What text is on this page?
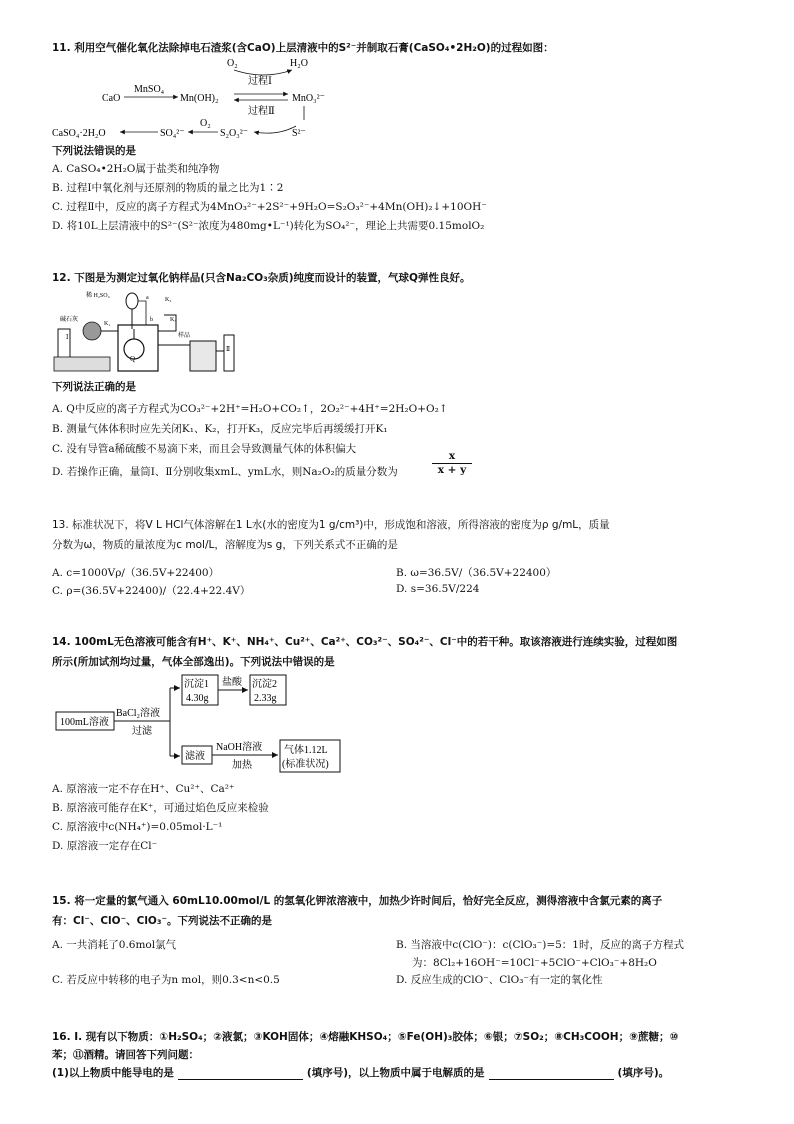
11. 利用空气催化氧化法除掉电石渣浆(含CaO)上层清液中的S²⁻并制取石膏(CaSO₄•2H₂O)的过程如图：
O₂	H₂O
过程Ⅰ
CaO
MnSO₄
Mn(OH)₂	MnO₃²⁻
过程Ⅱ
CaSO₄·2H₂O	SO₄²⁻
O₂
S₂O₃²⁻	S²⁻
下列说法错误的是
A. CaSO₄•2H₂O属于盐类和纯净物
B. 过程Ⅰ中氧化剂与还原剂的物质的量之比为1∶2
C. 过程Ⅱ中，反应的离子方程式为4MnO₃²⁻+2S²⁻+9H₂O=S₂O₃²⁻+4Mn(OH)₂↓+10OH⁻
D. 将10L上层清液中的S²⁻(S²⁻浓度为480mg•L⁻¹)转化为SO₄²⁻，理论上共需要0.15molO₂
12. 下图是为测定过氧化钠样品(只含Na₂CO₃杂质)纯度而设计的装置，气球Q弹性良好。
稀 H₂SO₄	a	K₂
碱石灰
K₁
b	K₃
样品
Ⅰ
Ⅱ
Q
下列说法正确的是
A. Q中反应的离子方程式为CO₃²⁻+2H⁺=H₂O+CO₂↑，2O₂²⁻+4H⁺=2H₂O+O₂↑
B. 测量气体体积时应先关闭K₁、K₂，打开K₃，反应完毕后再缓缓打开K₁
C. 没有导管a稀硫酸不易滴下来，而且会导致测量气体的体积偏大
D. 若操作正确，量筒Ⅰ、Ⅱ分别收集xmL、ymL水，则Na₂O₂的质量分数为	$\frac{x}{x + y}$
13. 标准状况下，将V L HCl气体溶解在1 L水(水的密度为1 g/cm³)中，形成饱和溶液，所得溶液的密度为ρ g/mL，质量
分数为ω，物质的量浓度为c mol/L，溶解度为s g，下列关系式不正确的是
A. c=1000Vρ/（36.5V+22400）	B. ω=36.5V/（36.5V+22400）
C. ρ=(36.5V+22400)/（22.4+22.4V）	D. s=36.5V/224
14. 100mL无色溶液可能含有H⁺、K⁺、NH₄⁺、Cu²⁺、Ca²⁺、CO₃²⁻、SO₄²⁻、Cl⁻中的若干种。取该溶液进行连续实验，过程如图
所示(所加试剂均过量，气体全部逸出)。下列说法中错误的是
100mL溶液
BaCl₂溶液
过滤
沉淀1
4.30g
盐酸 沉淀2
2.33g
滤液
NaOH溶液
加热
气体1.12L
(标准状况)
A. 原溶液一定不存在H⁺、Cu²⁺、Ca²⁺
B. 原溶液可能存在K⁺，可通过焰色反应来检验
C. 原溶液中c(NH₄⁺)=0.05mol·L⁻¹
D. 原溶液一定存在Cl⁻
15. 将一定量的氯气通入 60mL10.00mol/L 的氢氧化钾浓溶液中，加热少许时间后，恰好完全反应，测得溶液中含氯元素的离子
有：Cl⁻、ClO⁻、ClO₃⁻。下列说法不正确的是
A. 一共消耗了0.6mol氯气	B. 当溶液中c(ClO⁻)：c(ClO₃⁻)=5：1时，反应的离子方程式
为：8Cl₂+16OH⁻=10Cl⁻+5ClO⁻+ClO₃⁻+8H₂O
C. 若反应中转移的电子为n mol，则0.3<n<0.5	D. 反应生成的ClO⁻、ClO₃⁻有一定的氧化性
16. Ⅰ. 现有以下物质：①H₂SO₄；②液氯；③KOH固体；④熔融KHSO₄；⑤Fe(OH)₃胶体；⑥银；⑦SO₂；⑧CH₃COOH；⑨蔗糖；⑩
苯；⑪酒精。请回答下列问题：
(1)以上物质中能导电的是	(填序号)，以上物质中属于电解质的是	(填序号)。
